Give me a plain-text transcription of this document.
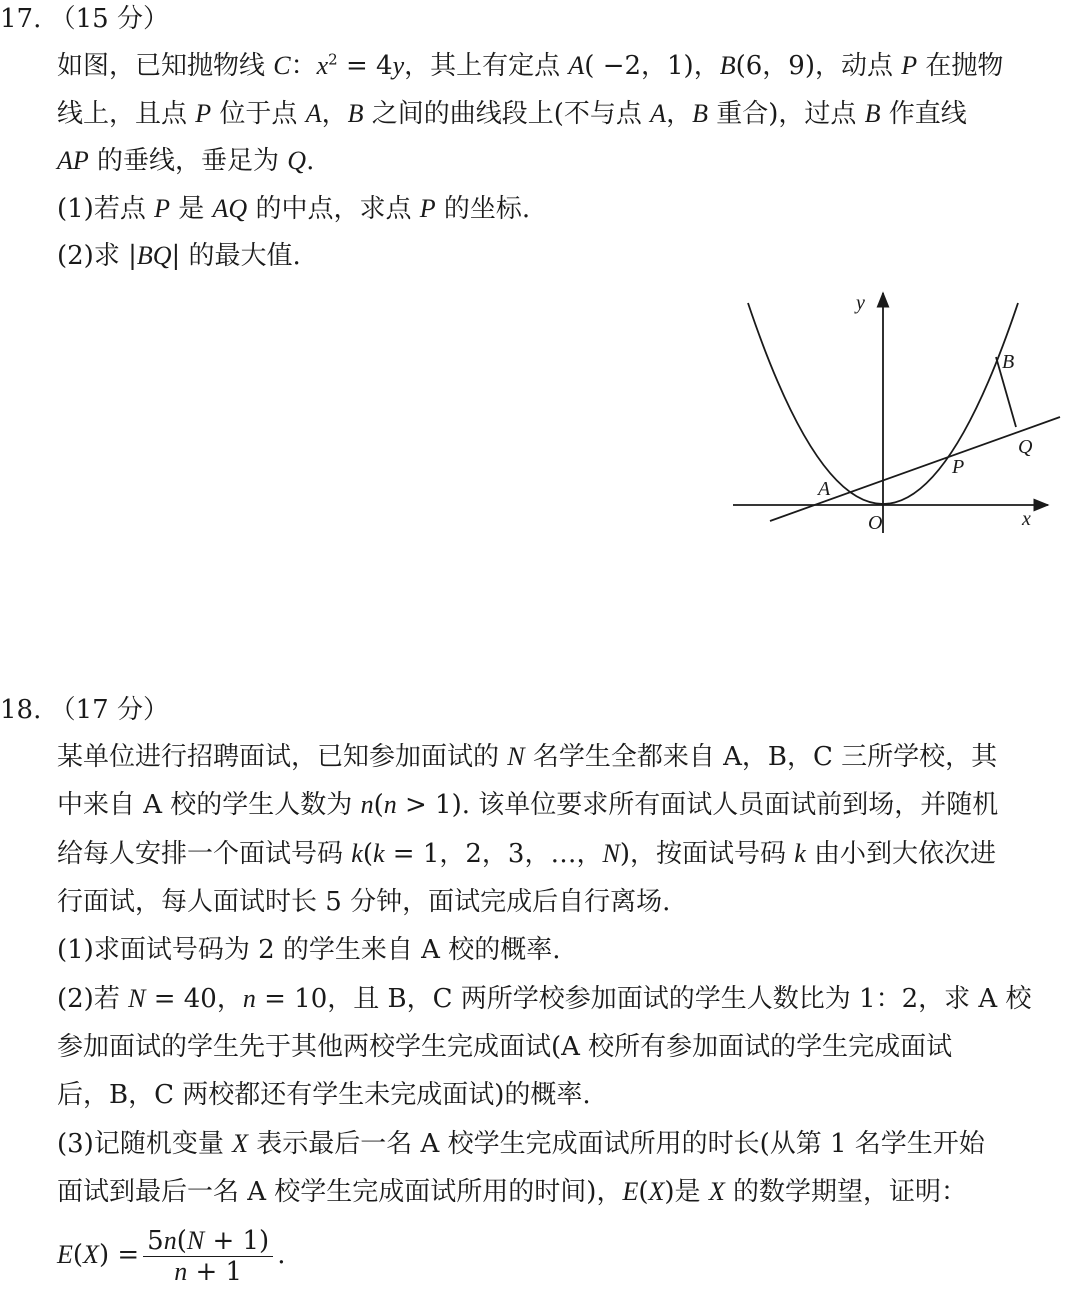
17. （15 分）
如图，已知抛物线 C：$x^2 = 4y$，其上有定点 A( −2，1)，B(6，9)，动点 P 在抛物
线上，且点 P 位于点 A，B 之间的曲线段上(不与点 A，B 重合)，过点 B 作直线
AP 的垂线，垂足为 Q.
(1)若点 P 是 AQ 的中点，求点 P 的坐标.
(2)求 |BQ| 的最大值.
y
x
O
A
B
P
Q
18. （17 分）
某单位进行招聘面试，已知参加面试的 N 名学生全都来自 A，B，C 三所学校，其
中来自 A 校的学生人数为 n(n > 1). 该单位要求所有面试人员面试前到场，并随机
给每人安排一个面试号码 k(k = 1，2，3，…，N)，按面试号码 k 由小到大依次进
行面试，每人面试时长 5 分钟，面试完成后自行离场.
(1)求面试号码为 2 的学生来自 A 校的概率.
(2)若 N = 40，n = 10，且 B，C 两所学校参加面试的学生人数比为 1：2，求 A 校
参加面试的学生先于其他两校学生完成面试(A 校所有参加面试的学生完成面试
后，B，C 两校都还有学生未完成面试)的概率.
(3)记随机变量 X 表示最后一名 A 校学生完成面试所用的时长(从第 1 名学生开始
面试到最后一名 A 校学生完成面试所用的时间)，E(X)是 X 的数学期望，证明：
$E(X) = \frac{5n(N + 1)}{n + 1}$ .
